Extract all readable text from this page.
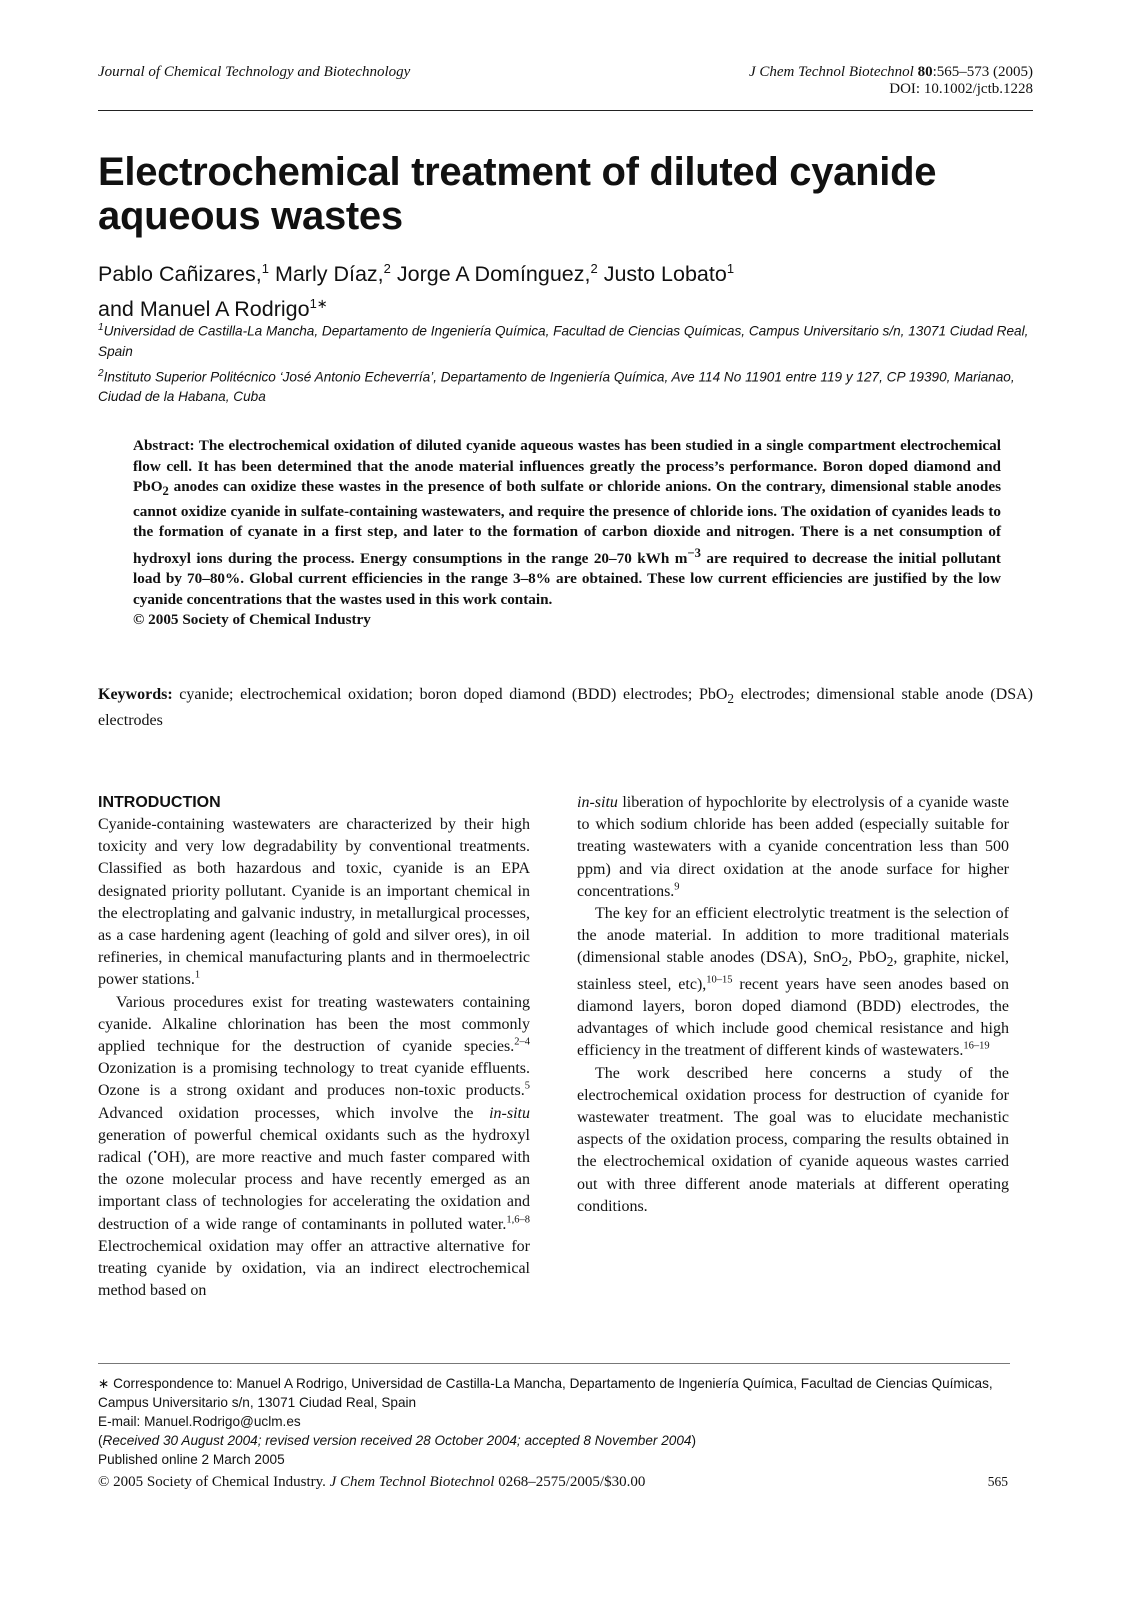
Journal of Chemical Technology and Biotechnology	J Chem Technol Biotechnol 80:565–573 (2005)
DOI: 10.1002/jctb.1228
Electrochemical treatment of diluted cyanide aqueous wastes
Pablo Cañizares,$^1$ Marly Díaz,$^2$ Jorge A Domínguez,$^2$ Justo Lobato$^1$
and Manuel A Rodrigo$^{1∗}$

$^1$Universidad de Castilla-La Mancha, Departamento de Ingeniería Química, Facultad de Ciencias Químicas, Campus Universitario s/n, 13071 Ciudad Real, Spain

$^2$Instituto Superior Politécnico ‘José Antonio Echeverría’, Departamento de Ingeniería Química, Ave 114 No 11901 entre 119 y 127, CP 19390, Marianao, Ciudad de la Habana, Cuba

Abstract: The electrochemical oxidation of diluted cyanide aqueous wastes has been studied in a single compartment electrochemical flow cell. It has been determined that the anode material influences greatly the process’s performance. Boron doped diamond and PbO$_2$ anodes can oxidize these wastes in the presence of both sulfate or chloride anions. On the contrary, dimensional stable anodes cannot oxidize cyanide in sulfate-containing wastewaters, and require the presence of chloride ions. The oxidation of cyanides leads to the formation of cyanate in a first step, and later to the formation of carbon dioxide and nitrogen. There is a net consumption of hydroxyl ions during the process. Energy consumptions in the range 20–70 kWh $m^{-3}$ are required to decrease the initial pollutant load by 70–80%. Global current efficiencies in the range 3–8% are obtained. These low current efficiencies are justified by the low cyanide concentrations that the wastes used in this work contain.

© 2005 Society of Chemical Industry

Keywords: cyanide; electrochemical oxidation; boron doped diamond (BDD) electrodes; PbO$_2$ electrodes; dimensional stable anode (DSA) electrodes
INTRODUCTION

Cyanide-containing wastewaters are characterized by their high toxicity and very low degradability by conventional treatments. Classified as both hazardous and toxic, cyanide is an EPA designated priority pollutant. Cyanide is an important chemical in the electroplating and galvanic industry, in metallurgical processes, as a case hardening agent (leaching of gold and silver ores), in oil refineries, in chemical manufacturing plants and in thermoelectric power stations.$^1$

Various procedures exist for treating wastewaters containing cyanide. Alkaline chlorination has been the most commonly applied technique for the destruction of cyanide species.$^{2-4}$ Ozonization is a promising technology to treat cyanide effluents. Ozone is a strong oxidant and produces non-toxic products.$^5$ Advanced oxidation processes, which involve the in-situ generation of powerful chemical oxidants such as the hydroxyl radical (•OH), are more reactive and much faster compared with the ozone molecular process and have recently emerged as an important class of technologies for accelerating the oxidation and destruction of a wide range of contaminants in polluted water.$^{1,6-8}$ Electrochemical oxidation may offer an attractive alternative for treating cyanide by oxidation, via an indirect electrochemical method based on

in-situ liberation of hypochlorite by electrolysis of a cyanide waste to which sodium chloride has been added (especially suitable for treating wastewaters with a cyanide concentration less than 500 ppm) and via direct oxidation at the anode surface for higher concentrations.$^9$

The key for an efficient electrolytic treatment is the selection of the anode material. In addition to more traditional materials (dimensional stable anodes (DSA), SnO$_2$, PbO$_2$, graphite, nickel, stainless steel, etc),$^{10-15}$ recent years have seen anodes based on diamond layers, boron doped diamond (BDD) electrodes, the advantages of which include good chemical resistance and high efficiency in the treatment of different kinds of wastewaters.$^{16-19}$

The work described here concerns a study of the electrochemical oxidation process for destruction of cyanide for wastewater treatment. The goal was to elucidate mechanistic aspects of the oxidation process, comparing the results obtained in the electrochemical oxidation of cyanide aqueous wastes carried out with three different anode materials at different operating conditions.

∗ Correspondence to: Manuel A Rodrigo, Universidad de Castilla-La Mancha, Departamento de Ingeniería Química, Facultad de Ciencias Químicas, Campus Universitario s/n, 13071 Ciudad Real, Spain

E-mail: Manuel.Rodrigo@uclm.es

(Received 30 August 2004; revised version received 28 October 2004; accepted 8 November 2004)

Published online 2 March 2005

© 2005 Society of Chemical Industry. J Chem Technol Biotechnol 0268–2575/2005/$30.00	565
